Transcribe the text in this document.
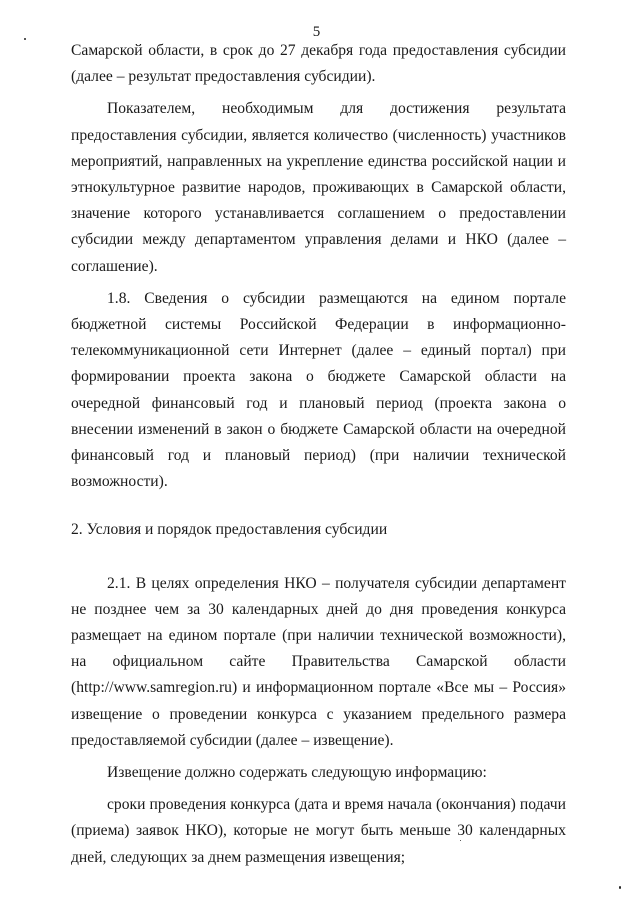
5

Самарской области, в срок до 27 декабря года предоставления субсидии (далее – результат предоставления субсидии).

Показателем, необходимым для достижения результата предоставления субсидии, является количество (численность) участников мероприятий, направленных на укрепление единства российской нации и этнокультурное развитие народов, проживающих в Самарской области, значение которого устанавливается соглашением о предоставлении субсидии между департаментом управления делами и НКО (далее – соглашение).

1.8. Сведения о субсидии размещаются на едином портале бюджетной системы Российской Федерации в информационно-телекоммуникационной сети Интернет (далее – единый портал) при формировании проекта закона о бюджете Самарской области на очередной финансовый год и плановый период (проекта закона о внесении изменений в закон о бюджете Самарской области на очередной финансовый год и плановый период) (при наличии технической возможности).

2. Условия и порядок предоставления субсидии

2.1. В целях определения НКО – получателя субсидии департамент не позднее чем за 30 календарных дней до дня проведения конкурса размещает на едином портале (при наличии технической возможности), на официальном сайте Правительства Самарской области (http://www.samregion.ru) и информационном портале «Все мы – Россия» извещение о проведении конкурса с указанием предельного размера предоставляемой субсидии (далее – извещение).

Извещение должно содержать следующую информацию:

сроки проведения конкурса (дата и время начала (окончания) подачи (приема) заявок НКО), которые не могут быть меньше 30 календарных дней, следующих за днем размещения извещения;
